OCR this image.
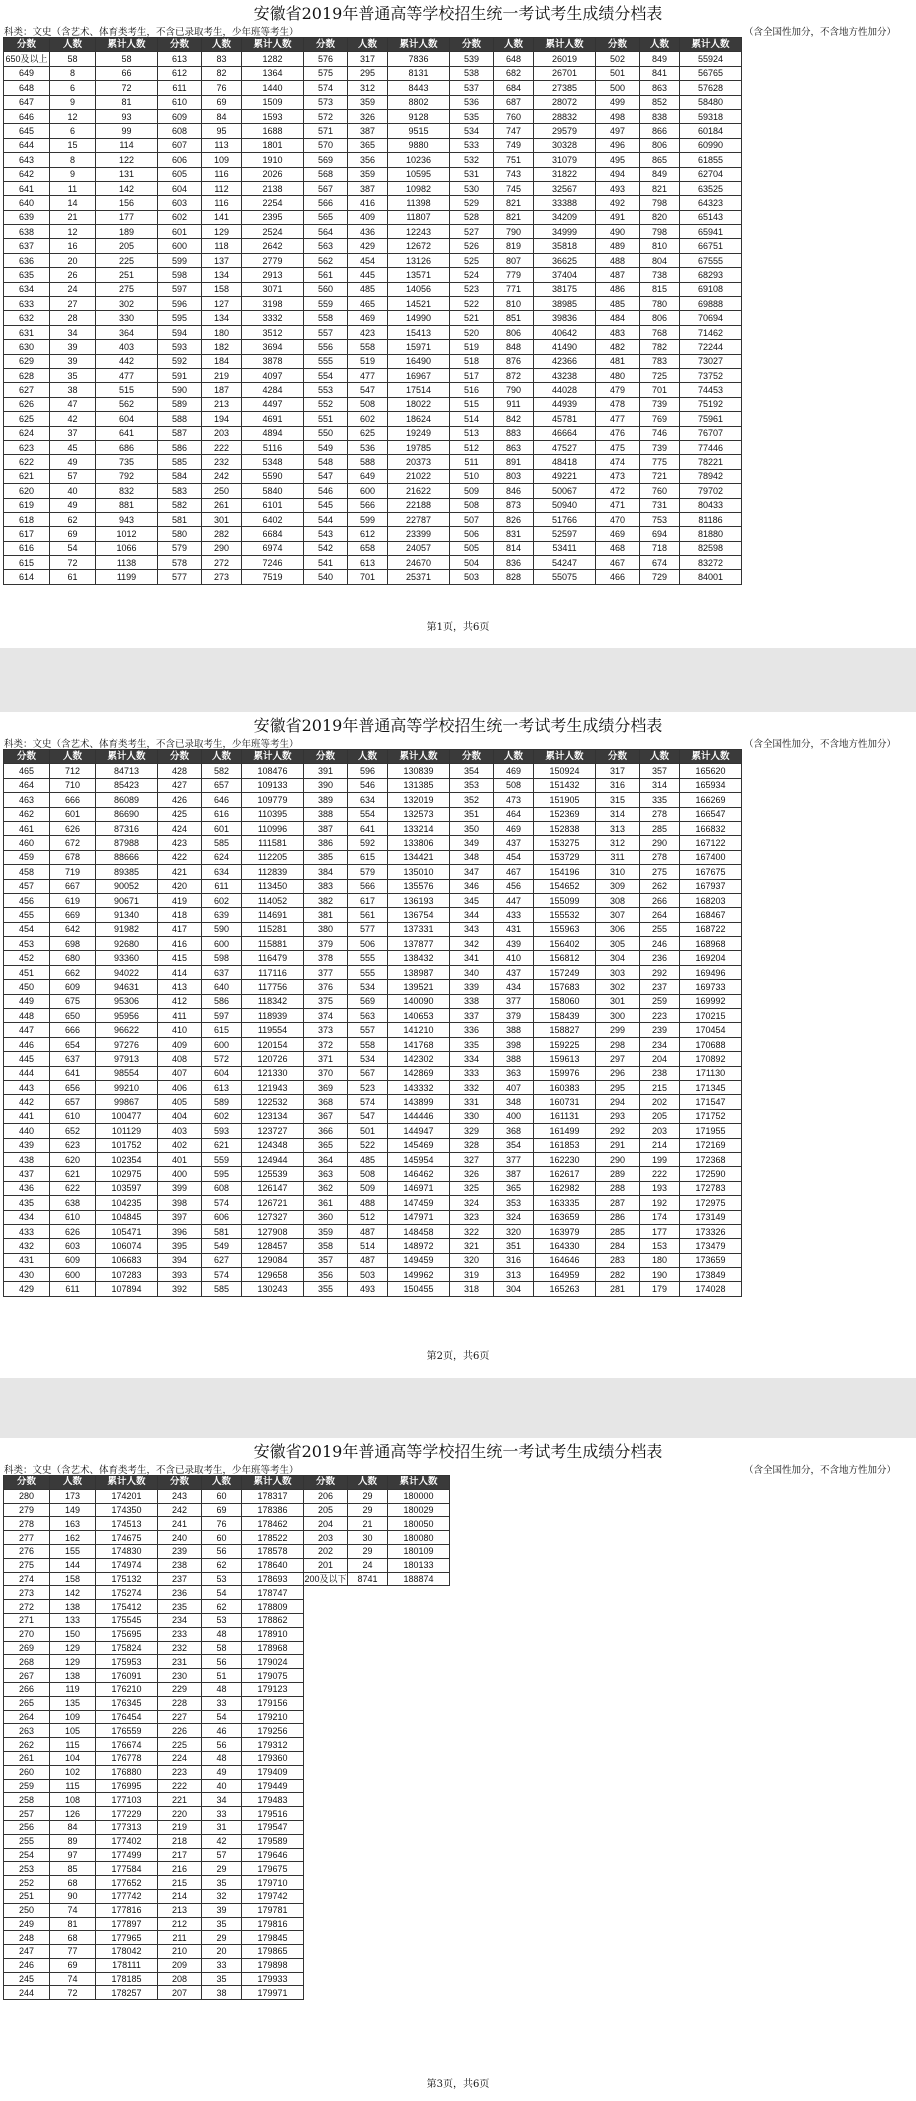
安徽省2019年普通高等学校招生统一考试考生成绩分档表
科类：文史（含艺术、体育类考生，不含已录取考生，少年班等考生）	（含全国性加分，不含地方性加分）
分数	人数	累计人数	分数	人数	累计人数	分数	人数	累计人数	分数	人数	累计人数	分数	人数	累计人数
650及以上	58	58	613	83	1282	576	317	7836	539	648	26019	502	849	55924
649	8	66	612	82	1364	575	295	8131	538	682	26701	501	841	56765
648	6	72	611	76	1440	574	312	8443	537	684	27385	500	863	57628
647	9	81	610	69	1509	573	359	8802	536	687	28072	499	852	58480
646	12	93	609	84	1593	572	326	9128	535	760	28832	498	838	59318
645	6	99	608	95	1688	571	387	9515	534	747	29579	497	866	60184
644	15	114	607	113	1801	570	365	9880	533	749	30328	496	806	60990
643	8	122	606	109	1910	569	356	10236	532	751	31079	495	865	61855
642	9	131	605	116	2026	568	359	10595	531	743	31822	494	849	62704
641	11	142	604	112	2138	567	387	10982	530	745	32567	493	821	63525
640	14	156	603	116	2254	566	416	11398	529	821	33388	492	798	64323
639	21	177	602	141	2395	565	409	11807	528	821	34209	491	820	65143
638	12	189	601	129	2524	564	436	12243	527	790	34999	490	798	65941
637	16	205	600	118	2642	563	429	12672	526	819	35818	489	810	66751
636	20	225	599	137	2779	562	454	13126	525	807	36625	488	804	67555
635	26	251	598	134	2913	561	445	13571	524	779	37404	487	738	68293
634	24	275	597	158	3071	560	485	14056	523	771	38175	486	815	69108
633	27	302	596	127	3198	559	465	14521	522	810	38985	485	780	69888
632	28	330	595	134	3332	558	469	14990	521	851	39836	484	806	70694
631	34	364	594	180	3512	557	423	15413	520	806	40642	483	768	71462
630	39	403	593	182	3694	556	558	15971	519	848	41490	482	782	72244
629	39	442	592	184	3878	555	519	16490	518	876	42366	481	783	73027
628	35	477	591	219	4097	554	477	16967	517	872	43238	480	725	73752
627	38	515	590	187	4284	553	547	17514	516	790	44028	479	701	74453
626	47	562	589	213	4497	552	508	18022	515	911	44939	478	739	75192
625	42	604	588	194	4691	551	602	18624	514	842	45781	477	769	75961
624	37	641	587	203	4894	550	625	19249	513	883	46664	476	746	76707
623	45	686	586	222	5116	549	536	19785	512	863	47527	475	739	77446
622	49	735	585	232	5348	548	588	20373	511	891	48418	474	775	78221
621	57	792	584	242	5590	547	649	21022	510	803	49221	473	721	78942
620	40	832	583	250	5840	546	600	21622	509	846	50067	472	760	79702
619	49	881	582	261	6101	545	566	22188	508	873	50940	471	731	80433
618	62	943	581	301	6402	544	599	22787	507	826	51766	470	753	81186
617	69	1012	580	282	6684	543	612	23399	506	831	52597	469	694	81880
616	54	1066	579	290	6974	542	658	24057	505	814	53411	468	718	82598
615	72	1138	578	272	7246	541	613	24670	504	836	54247	467	674	83272
614	61	1199	577	273	7519	540	701	25371	503	828	55075	466	729	84001
第1页，共6页
安徽省2019年普通高等学校招生统一考试考生成绩分档表
科类：文史（含艺术、体育类考生，不含已录取考生，少年班等考生）	（含全国性加分，不含地方性加分）
分数	人数	累计人数	分数	人数	累计人数	分数	人数	累计人数	分数	人数	累计人数	分数	人数	累计人数
465	712	84713	428	582	108476	391	596	130839	354	469	150924	317	357	165620
464	710	85423	427	657	109133	390	546	131385	353	508	151432	316	314	165934
463	666	86089	426	646	109779	389	634	132019	352	473	151905	315	335	166269
462	601	86690	425	616	110395	388	554	132573	351	464	152369	314	278	166547
461	626	87316	424	601	110996	387	641	133214	350	469	152838	313	285	166832
460	672	87988	423	585	111581	386	592	133806	349	437	153275	312	290	167122
459	678	88666	422	624	112205	385	615	134421	348	454	153729	311	278	167400
458	719	89385	421	634	112839	384	579	135010	347	467	154196	310	275	167675
457	667	90052	420	611	113450	383	566	135576	346	456	154652	309	262	167937
456	619	90671	419	602	114052	382	617	136193	345	447	155099	308	266	168203
455	669	91340	418	639	114691	381	561	136754	344	433	155532	307	264	168467
454	642	91982	417	590	115281	380	577	137331	343	431	155963	306	255	168722
453	698	92680	416	600	115881	379	506	137877	342	439	156402	305	246	168968
452	680	93360	415	598	116479	378	555	138432	341	410	156812	304	236	169204
451	662	94022	414	637	117116	377	555	138987	340	437	157249	303	292	169496
450	609	94631	413	640	117756	376	534	139521	339	434	157683	302	237	169733
449	675	95306	412	586	118342	375	569	140090	338	377	158060	301	259	169992
448	650	95956	411	597	118939	374	563	140653	337	379	158439	300	223	170215
447	666	96622	410	615	119554	373	557	141210	336	388	158827	299	239	170454
446	654	97276	409	600	120154	372	558	141768	335	398	159225	298	234	170688
445	637	97913	408	572	120726	371	534	142302	334	388	159613	297	204	170892
444	641	98554	407	604	121330	370	567	142869	333	363	159976	296	238	171130
443	656	99210	406	613	121943	369	523	143332	332	407	160383	295	215	171345
442	657	99867	405	589	122532	368	574	143899	331	348	160731	294	202	171547
441	610	100477	404	602	123134	367	547	144446	330	400	161131	293	205	171752
440	652	101129	403	593	123727	366	501	144947	329	368	161499	292	203	171955
439	623	101752	402	621	124348	365	522	145469	328	354	161853	291	214	172169
438	620	102354	401	559	124944	364	485	145954	327	377	162230	290	199	172368
437	621	102975	400	595	125539	363	508	146462	326	387	162617	289	222	172590
436	622	103597	399	608	126147	362	509	146971	325	365	162982	288	193	172783
435	638	104235	398	574	126721	361	488	147459	324	353	163335	287	192	172975
434	610	104845	397	606	127327	360	512	147971	323	324	163659	286	174	173149
433	626	105471	396	581	127908	359	487	148458	322	320	163979	285	177	173326
432	603	106074	395	549	128457	358	514	148972	321	351	164330	284	153	173479
431	609	106683	394	627	129084	357	487	149459	320	316	164646	283	180	173659
430	600	107283	393	574	129658	356	503	149962	319	313	164959	282	190	173849
429	611	107894	392	585	130243	355	493	150455	318	304	165263	281	179	174028
第2页，共6页
安徽省2019年普通高等学校招生统一考试考生成绩分档表
科类：文史（含艺术、体育类考生，不含已录取考生，少年班等考生）	（含全国性加分，不含地方性加分）
分数	人数	累计人数	分数	人数	累计人数	分数	人数	累计人数
280	173	174201	243	60	178317	206	29	180000
279	149	174350	242	69	178386	205	29	180029
278	163	174513	241	76	178462	204	21	180050
277	162	174675	240	60	178522	203	30	180080
276	155	174830	239	56	178578	202	29	180109
275	144	174974	238	62	178640	201	24	180133
274	158	175132	237	53	178693	200及以下	8741	188874
273	142	175274	236	54	178747			
272	138	175412	235	62	178809			
271	133	175545	234	53	178862			
270	150	175695	233	48	178910			
269	129	175824	232	58	178968			
268	129	175953	231	56	179024			
267	138	176091	230	51	179075			
266	119	176210	229	48	179123			
265	135	176345	228	33	179156			
264	109	176454	227	54	179210			
263	105	176559	226	46	179256			
262	115	176674	225	56	179312			
261	104	176778	224	48	179360			
260	102	176880	223	49	179409			
259	115	176995	222	40	179449			
258	108	177103	221	34	179483			
257	126	177229	220	33	179516			
256	84	177313	219	31	179547			
255	89	177402	218	42	179589			
254	97	177499	217	57	179646			
253	85	177584	216	29	179675			
252	68	177652	215	35	179710			
251	90	177742	214	32	179742			
250	74	177816	213	39	179781			
249	81	177897	212	35	179816			
248	68	177965	211	29	179845			
247	77	178042	210	20	179865			
246	69	178111	209	33	179898			
245	74	178185	208	35	179933			
244	72	178257	207	38	179971			
第3页，共6页
